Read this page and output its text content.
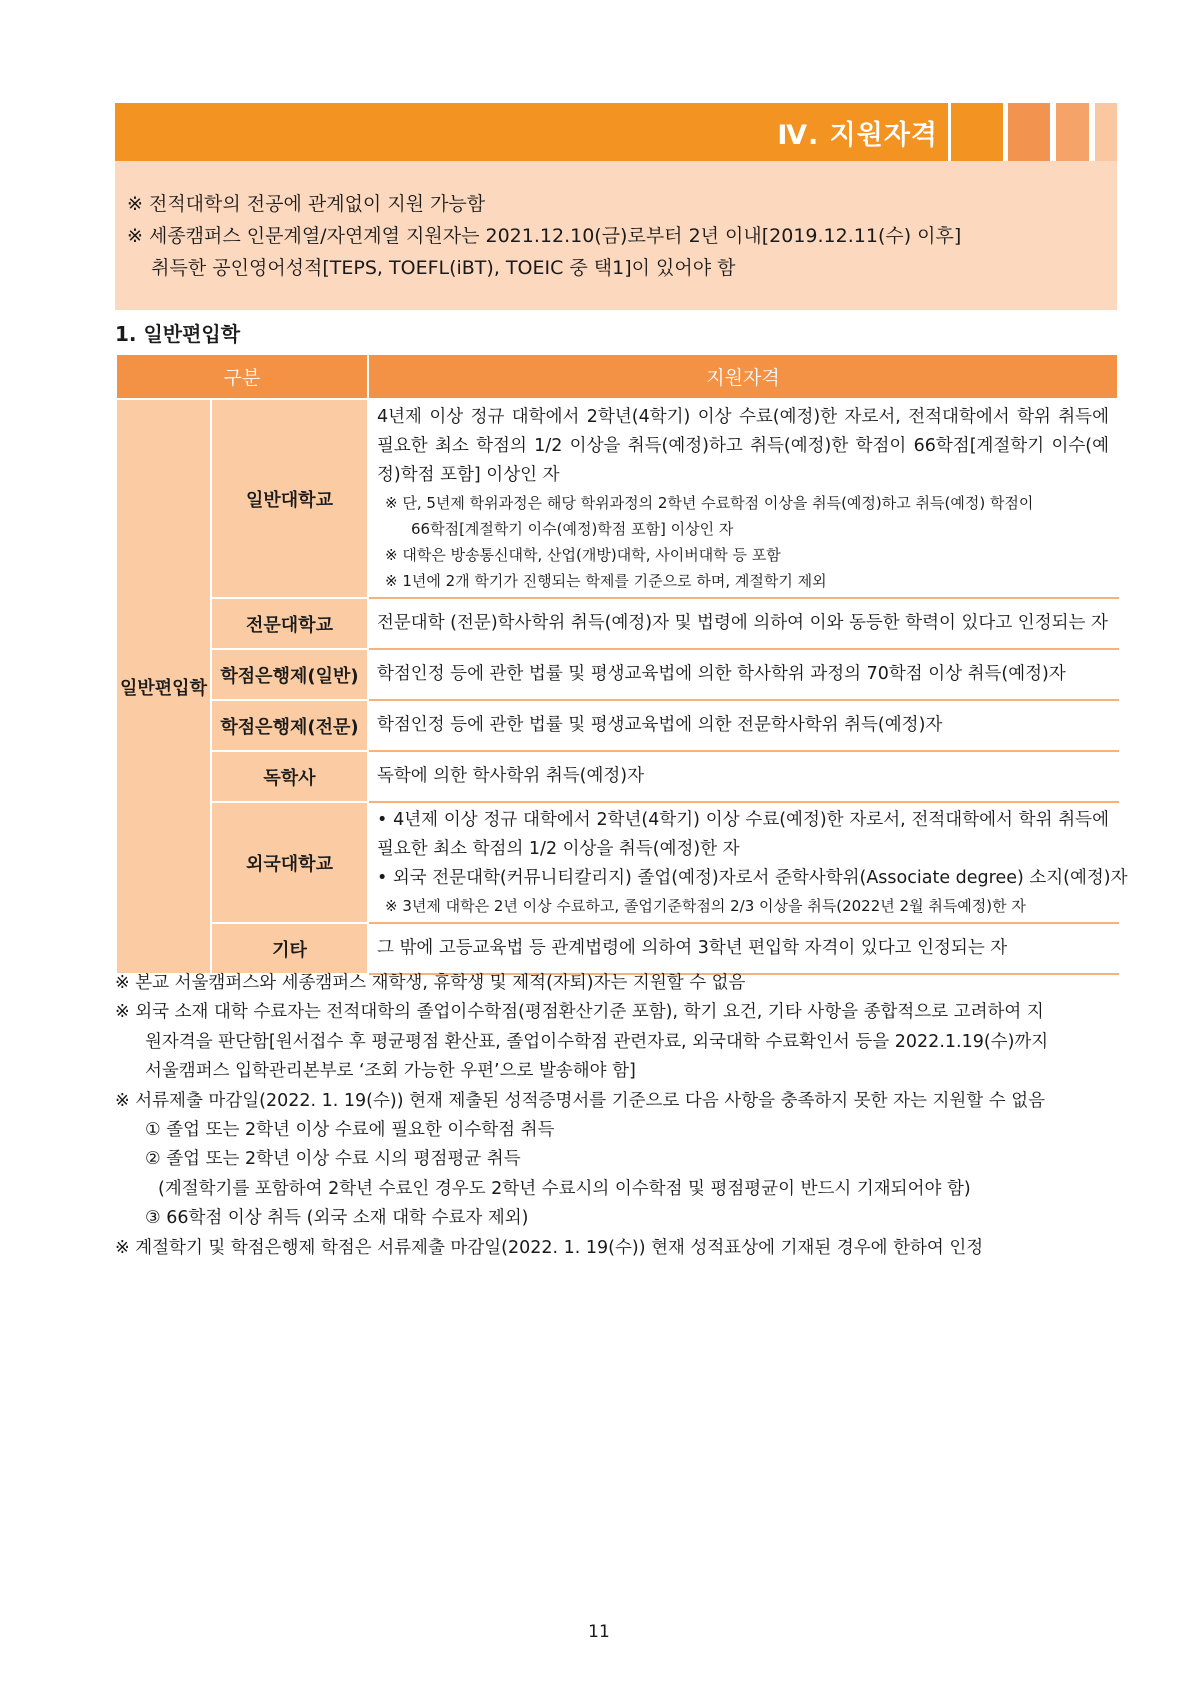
Ⅳ. 지원자격
※ 전적대학의 전공에 관계없이 지원 가능함
※ 세종캠퍼스 인문계열/자연계열 지원자는 2021.12.10(금)로부터 2년 이내[2019.12.11(수) 이후]
취득한 공인영어성적[TEPS, TOEFL(iBT), TOEIC 중 택1]이 있어야 함
1. 일반편입학
구분		지원자격
일반편입학	일반대학교	4년제 이상 정규 대학에서 2학년(4학기) 이상 수료(예정)한 자로서, 전적대학에서 학위 취득에 필요한 최소 학점의 1/2 이상을 취득(예정)하고 취득(예정)한 학점이 66학점[계절학기 이수(예정)학점 포함] 이상인 자
※ 단, 5년제 학위과정은 해당 학위과정의 2학년 수료학점 이상을 취득(예정)하고 취득(예정) 학점이
66학점[계절학기 이수(예정)학점 포함] 이상인 자
※ 대학은 방송통신대학, 산업(개방)대학, 사이버대학 등 포함
※ 1년에 2개 학기가 진행되는 학제를 기준으로 하며, 계절학기 제외

	전문대학교	전문대학 (전문)학사학위 취득(예정)자 및 법령에 의하여 이와 동등한 학력이 있다고 인정되는 자

	학점은행제(일반)	학점인정 등에 관한 법률 및 평생교육법에 의한 학사학위 과정의 70학점 이상 취득(예정)자

	학점은행제(전문)	학점인정 등에 관한 법률 및 평생교육법에 의한 전문학사학위 취득(예정)자

	독학사	독학에 의한 학사학위 취득(예정)자

	외국대학교	• 4년제 이상 정규 대학에서 2학년(4학기) 이상 수료(예정)한 자로서, 전적대학에서 학위 취득에 필요한 최소 학점의 1/2 이상을 취득(예정)한 자
• 외국 전문대학(커뮤니티칼리지) 졸업(예정)자로서 준학사학위(Associate degree) 소지(예정)자
※ 3년제 대학은 2년 이상 수료하고, 졸업기준학점의 2/3 이상을 취득(2022년 2월 취득예정)한 자

	기타	그 밖에 고등교육법 등 관계법령에 의하여 3학년 편입학 자격이 있다고 인정되는 자
※ 본교 서울캠퍼스와 세종캠퍼스 재학생, 휴학생 및 제적(자퇴)자는 지원할 수 없음
※ 외국 소재 대학 수료자는 전적대학의 졸업이수학점(평점환산기준 포함), 학기 요건, 기타 사항을 종합적으로 고려하여 지
원자격을 판단함[원서접수 후 평균평점 환산표, 졸업이수학점 관련자료, 외국대학 수료확인서 등을 2022.1.19(수)까지
서울캠퍼스 입학관리본부로 ‘조회 가능한 우편’으로 발송해야 함]
※ 서류제출 마감일(2022. 1. 19(수)) 현재 제출된 성적증명서를 기준으로 다음 사항을 충족하지 못한 자는 지원할 수 없음
① 졸업 또는 2학년 이상 수료에 필요한 이수학점 취득
② 졸업 또는 2학년 이상 수료 시의 평점평균 취득
(계절학기를 포함하여 2학년 수료인 경우도 2학년 수료시의 이수학점 및 평점평균이 반드시 기재되어야 함)
③ 66학점 이상 취득 (외국 소재 대학 수료자 제외)
※ 계절학기 및 학점은행제 학점은 서류제출 마감일(2022. 1. 19(수)) 현재 성적표상에 기재된 경우에 한하여 인정
11
